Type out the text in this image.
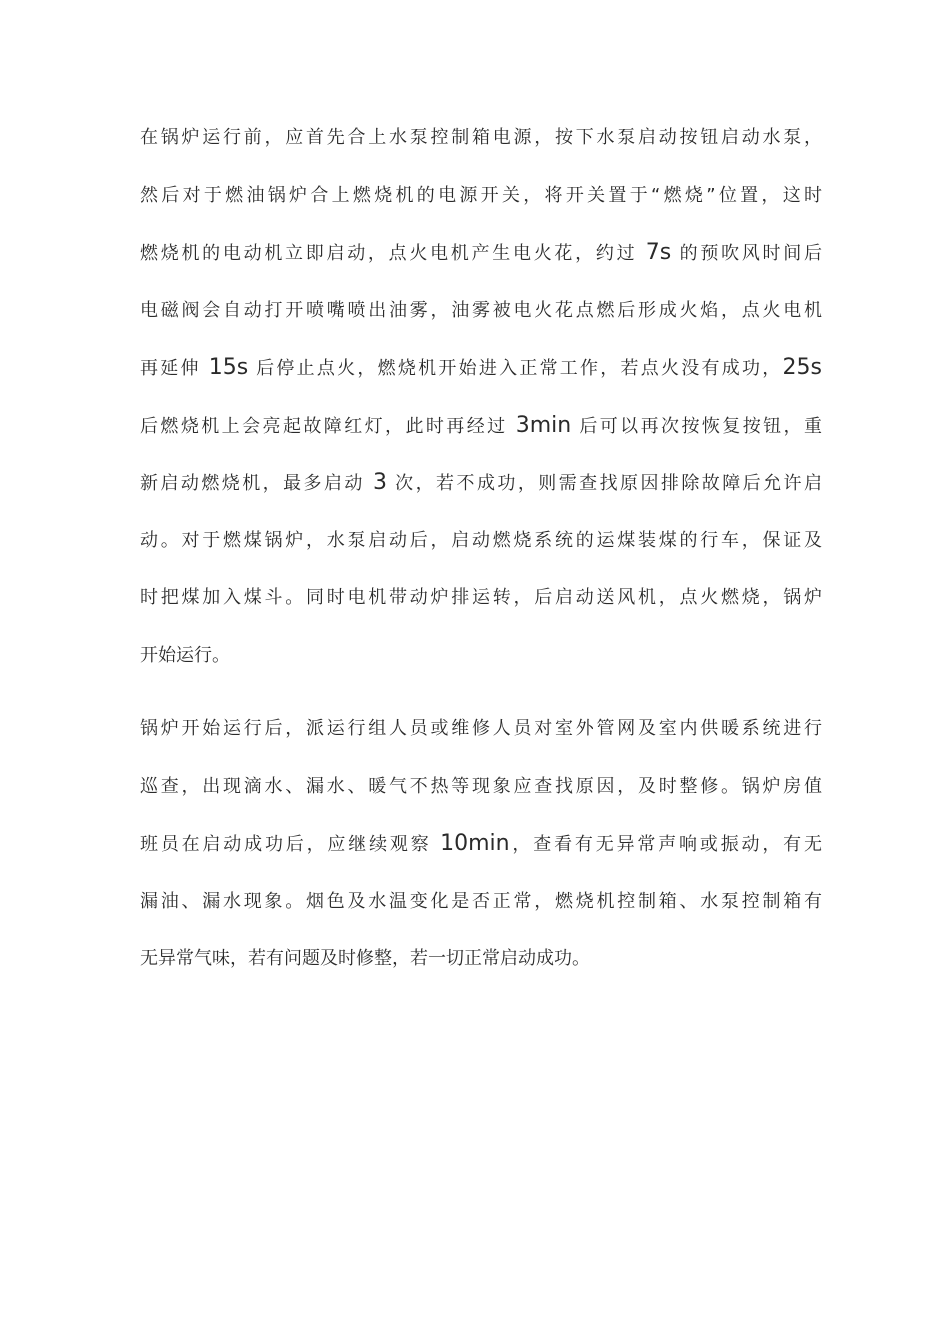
在锅炉运行前，应首先合上水泵控制箱电源，按下水泵启动按钮启动水泵，
然后对于燃油锅炉合上燃烧机的电源开关，将开关置于“燃烧”位置，这时
燃烧机的电动机立即启动，点火电机产生电火花，约过 7s 的预吹风时间后
电磁阀会自动打开喷嘴喷出油雾，油雾被电火花点燃后形成火焰，点火电机
再延伸 15s 后停止点火，燃烧机开始进入正常工作，若点火没有成功，25s
后燃烧机上会亮起故障红灯，此时再经过 3min 后可以再次按恢复按钮，重
新启动燃烧机，最多启动 3 次，若不成功，则需查找原因排除故障后允许启
动。对于燃煤锅炉，水泵启动后，启动燃烧系统的运煤装煤的行车，保证及
时把煤加入煤斗。同时电机带动炉排运转，后启动送风机，点火燃烧，锅炉
开始运行。
锅炉开始运行后，派运行组人员或维修人员对室外管网及室内供暖系统进行
巡查，出现滴水、漏水、暖气不热等现象应查找原因，及时整修。锅炉房值
班员在启动成功后，应继续观察 10min，查看有无异常声响或振动，有无
漏油、漏水现象。烟色及水温变化是否正常，燃烧机控制箱、水泵控制箱有
无异常气味，若有问题及时修整，若一切正常启动成功。
